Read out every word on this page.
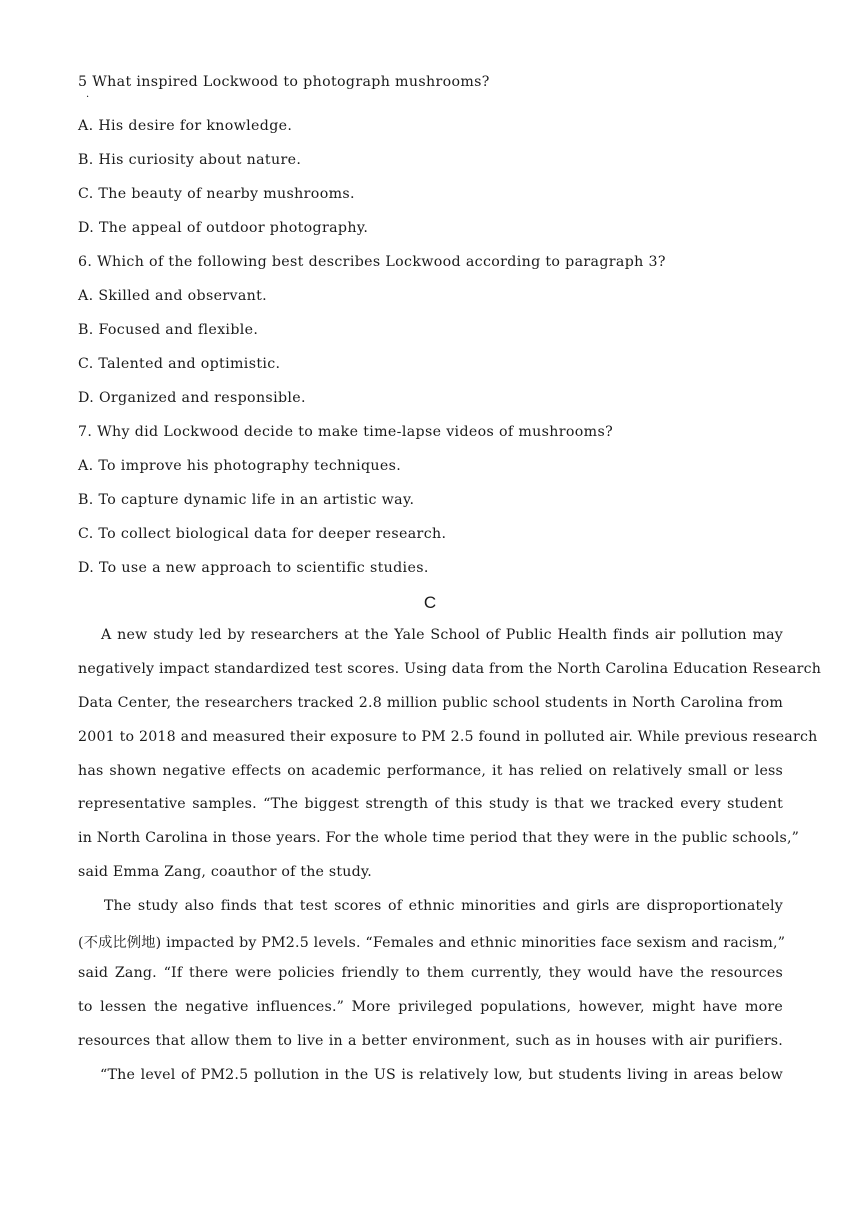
5 What inspired Lockwood to photograph mushrooms?
·
A. His desire for knowledge.
B. His curiosity about nature.
C. The beauty of nearby mushrooms.
D. The appeal of outdoor photography.
6. Which of the following best describes Lockwood according to paragraph 3?
A. Skilled and observant.
B. Focused and flexible.
C. Talented and optimistic.
D. Organized and responsible.
7. Why did Lockwood decide to make time-lapse videos of mushrooms?
A. To improve his photography techniques.
B. To capture dynamic life in an artistic way.
C. To collect biological data for deeper research.
D. To use a new approach to scientific studies.
C
A new study led by researchers at the Yale School of Public Health finds air pollution may
negatively impact standardized test scores. Using data from the North Carolina Education Research
Data Center, the researchers tracked 2.8 million public school students in North Carolina from
2001 to 2018 and measured their exposure to PM 2.5 found in polluted air. While previous research
has shown negative effects on academic performance, it has relied on relatively small or less
representative samples. “The biggest strength of this study is that we tracked every student
in North Carolina in those years. For the whole time period that they were in the public schools,”
said Emma Zang, coauthor of the study.
The study also finds that test scores of ethnic minorities and girls are disproportionately
(不成比例地) impacted by PM2.5 levels. “Females and ethnic minorities face sexism and racism,”
said Zang. “If there were policies friendly to them currently, they would have the resources
to lessen the negative influences.” More privileged populations, however, might have more
resources that allow them to live in a better environment, such as in houses with air purifiers.
“The level of PM2.5 pollution in the US is relatively low, but students living in areas below
